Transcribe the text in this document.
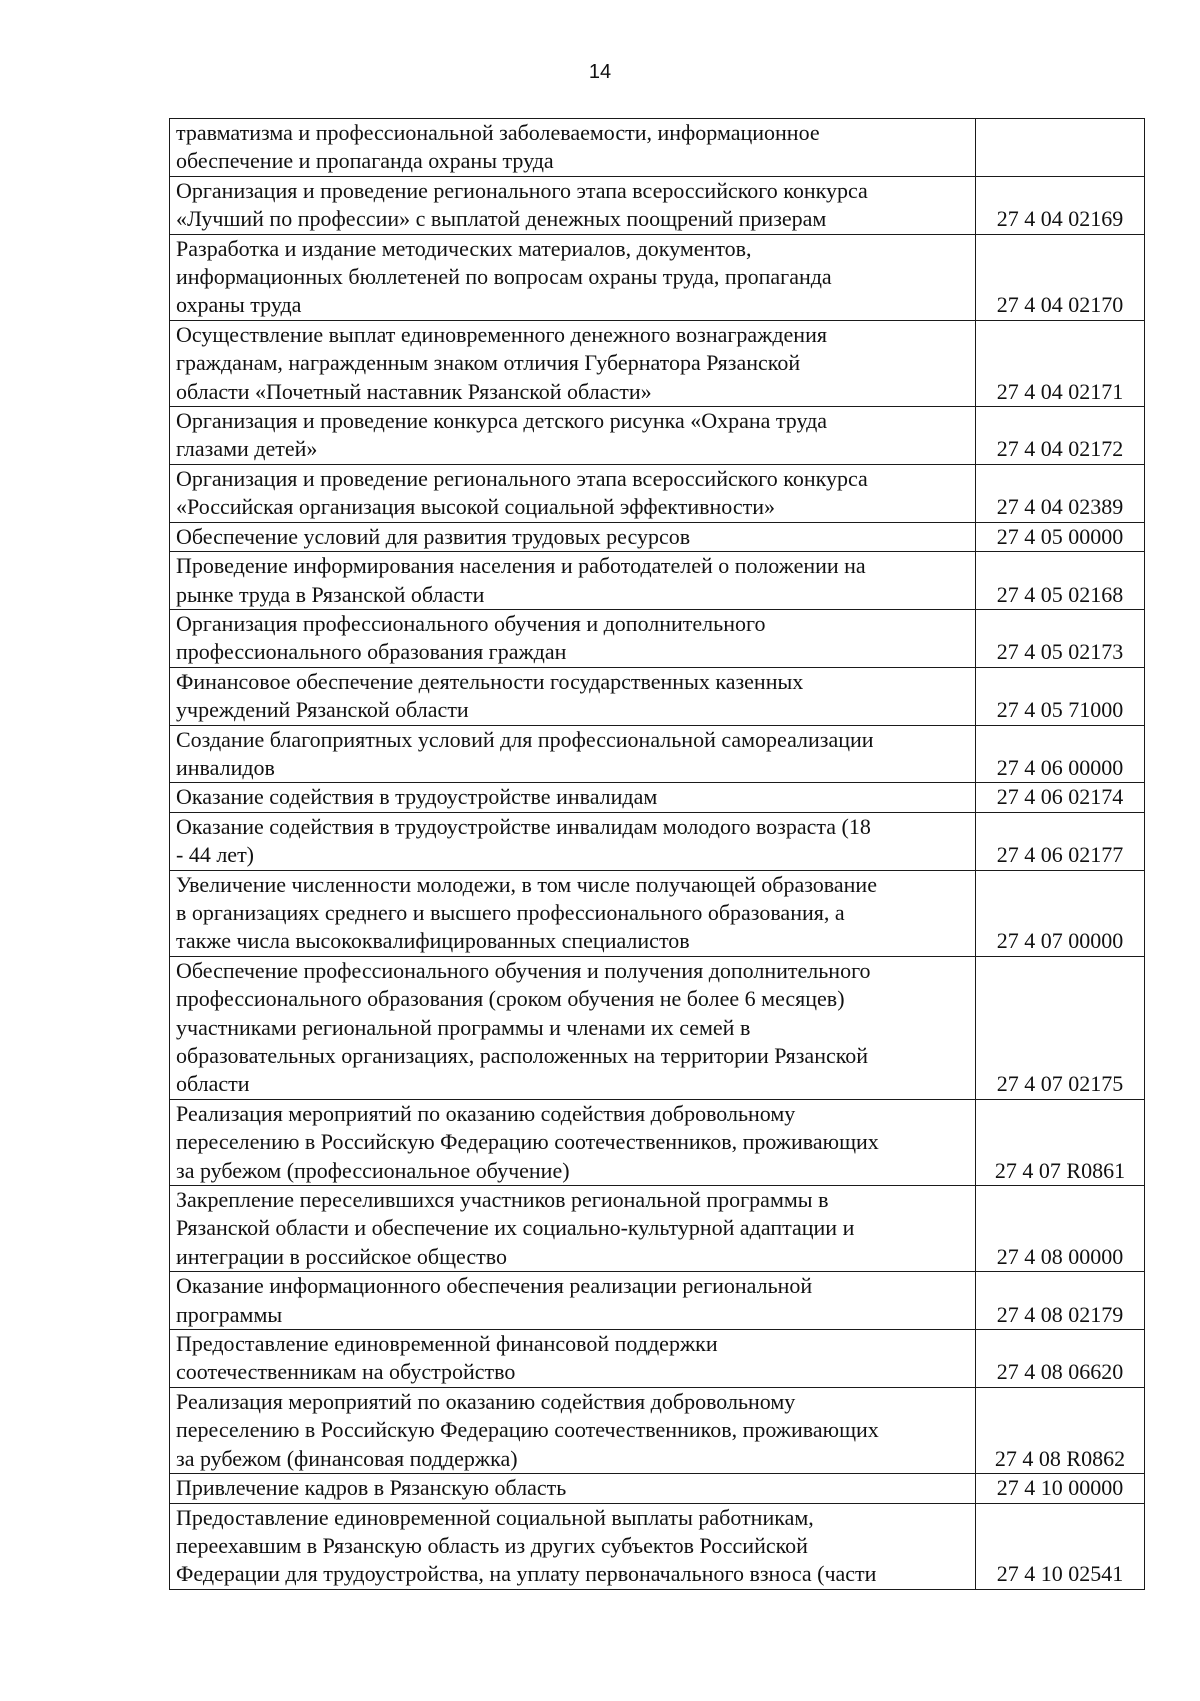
14
травматизма и профессиональной заболеваемости, информационное
обеспечение и пропаганда охраны труда	

Организация и проведение регионального этапа всероссийского конкурса
«Лучший по профессии» с выплатой денежных поощрений призерам	27 4 04 02169

Разработка и издание методических материалов, документов,
информационных бюллетеней по вопросам охраны труда, пропаганда
охраны труда	27 4 04 02170

Осуществление выплат единовременного денежного вознаграждения
гражданам, награжденным знаком отличия Губернатора Рязанской
области «Почетный наставник Рязанской области»	27 4 04 02171

Организация и проведение конкурса детского рисунка «Охрана труда
глазами детей»	27 4 04 02172

Организация и проведение регионального этапа всероссийского конкурса
«Российская организация высокой социальной эффективности»	27 4 04 02389

Обеспечение условий для развития трудовых ресурсов	27 4 05 00000

Проведение информирования населения и работодателей о положении на
рынке труда в Рязанской области	27 4 05 02168

Организация профессионального обучения и дополнительного
профессионального образования граждан	27 4 05 02173

Финансовое обеспечение деятельности государственных казенных
учреждений Рязанской области	27 4 05 71000

Создание благоприятных условий для профессиональной самореализации
инвалидов	27 4 06 00000

Оказание содействия в трудоустройстве инвалидам	27 4 06 02174

Оказание содействия в трудоустройстве инвалидам молодого возраста (18
- 44 лет)	27 4 06 02177

Увеличение численности молодежи, в том числе получающей образование
в организациях среднего и высшего профессионального образования, а
также числа высококвалифицированных специалистов	27 4 07 00000

Обеспечение профессионального обучения и получения дополнительного
профессионального образования (сроком обучения не более 6 месяцев)
участниками региональной программы и членами их семей в
образовательных организациях, расположенных на территории Рязанской
области	27 4 07 02175

Реализация мероприятий по оказанию содействия добровольному
переселению в Российскую Федерацию соотечественников, проживающих
за рубежом (профессиональное обучение)	27 4 07 R0861

Закрепление переселившихся участников региональной программы в
Рязанской области и обеспечение их социально-культурной адаптации и
интеграции в российское общество	27 4 08 00000

Оказание информационного обеспечения реализации региональной
программы	27 4 08 02179

Предоставление единовременной финансовой поддержки
соотечественникам на обустройство	27 4 08 06620

Реализация мероприятий по оказанию содействия добровольному
переселению в Российскую Федерацию соотечественников, проживающих
за рубежом (финансовая поддержка)	27 4 08 R0862

Привлечение кадров в Рязанскую область	27 4 10 00000

Предоставление единовременной социальной выплаты работникам,
переехавшим в Рязанскую область из других субъектов Российской
Федерации для трудоустройства, на уплату первоначального взноса (части	27 4 10 02541
